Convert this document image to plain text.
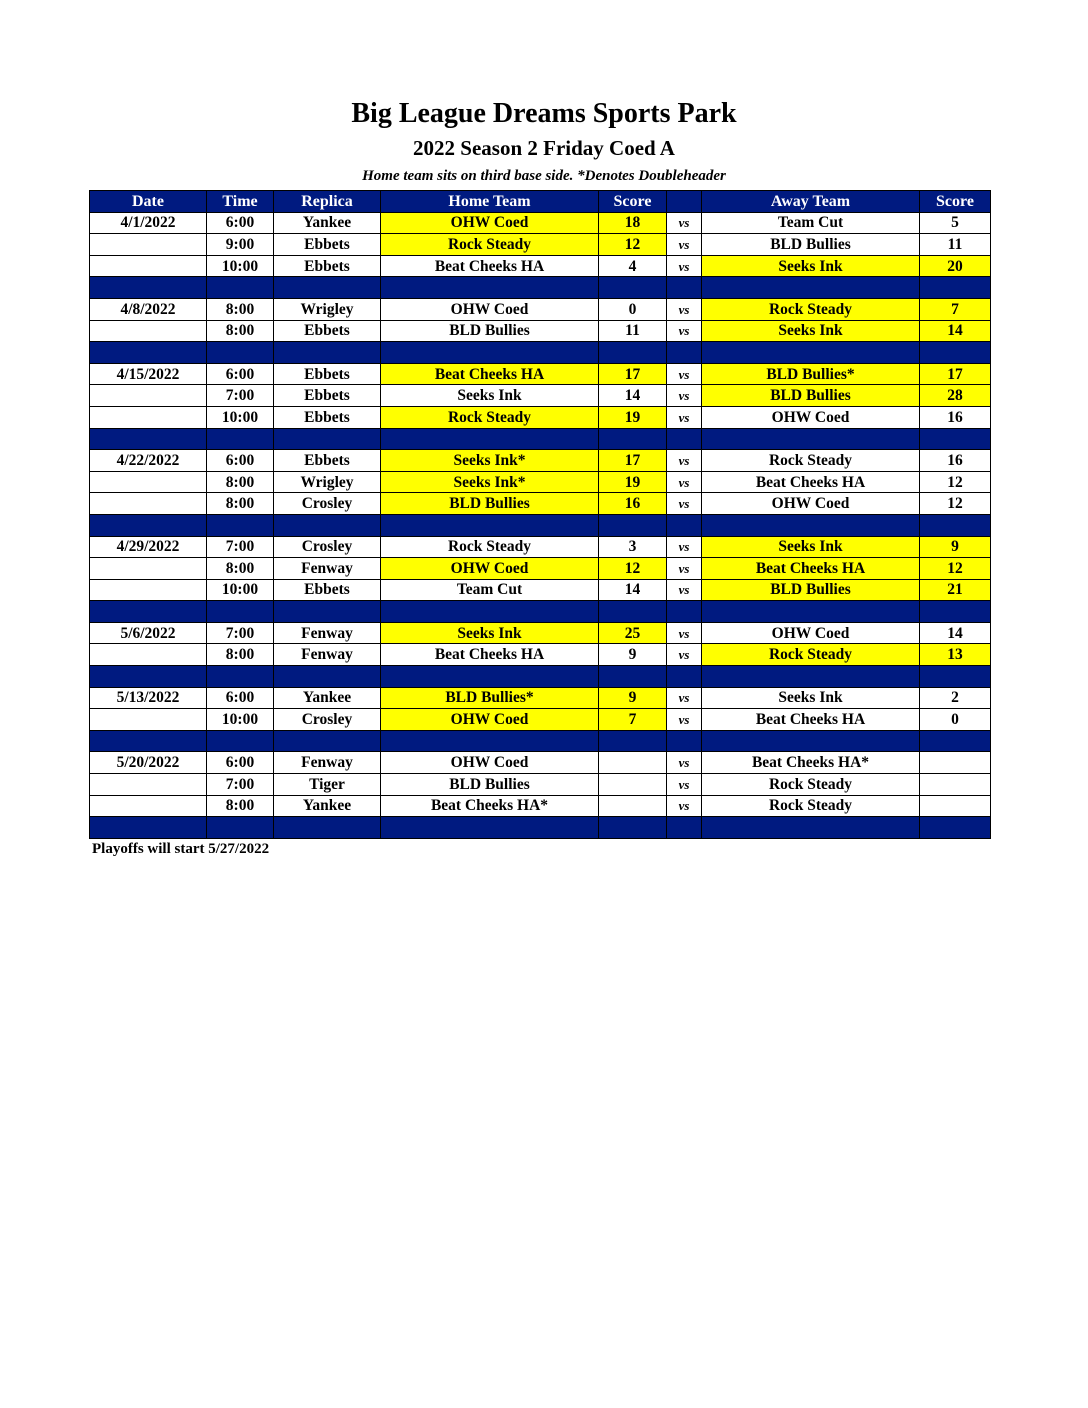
Big League Dreams Sports Park
2022 Season 2 Friday Coed A
Home team sits on third base side. *Denotes Doubleheader
Date	Time	Replica	Home Team	Score		Away Team	Score
4/1/2022	6:00	Yankee	OHW Coed	18	vs	Team Cut	5
	9:00	Ebbets	Rock Steady	12	vs	BLD Bullies	11
	10:00	Ebbets	Beat Cheeks HA	4	vs	Seeks Ink	20

4/8/2022	8:00	Wrigley	OHW Coed	0	vs	Rock Steady	7
	8:00	Ebbets	BLD Bullies	11	vs	Seeks Ink	14

4/15/2022	6:00	Ebbets	Beat Cheeks HA	17	vs	BLD Bullies*	17
	7:00	Ebbets	Seeks Ink	14	vs	BLD Bullies	28
	10:00	Ebbets	Rock Steady	19	vs	OHW Coed	16

4/22/2022	6:00	Ebbets	Seeks Ink*	17	vs	Rock Steady	16
	8:00	Wrigley	Seeks Ink*	19	vs	Beat Cheeks HA	12
	8:00	Crosley	BLD Bullies	16	vs	OHW Coed	12

4/29/2022	7:00	Crosley	Rock Steady	3	vs	Seeks Ink	9
	8:00	Fenway	OHW Coed	12	vs	Beat Cheeks HA	12
	10:00	Ebbets	Team Cut	14	vs	BLD Bullies	21

5/6/2022	7:00	Fenway	Seeks Ink	25	vs	OHW Coed	14
	8:00	Fenway	Beat Cheeks HA	9	vs	Rock Steady	13

5/13/2022	6:00	Yankee	BLD Bullies*	9	vs	Seeks Ink	2
	10:00	Crosley	OHW Coed	7	vs	Beat Cheeks HA	0

5/20/2022	6:00	Fenway	OHW Coed		vs	Beat Cheeks HA*	
	7:00	Tiger	BLD Bullies		vs	Rock Steady	
	8:00	Yankee	Beat Cheeks HA*		vs	Rock Steady	

Playoffs will start 5/27/2022
